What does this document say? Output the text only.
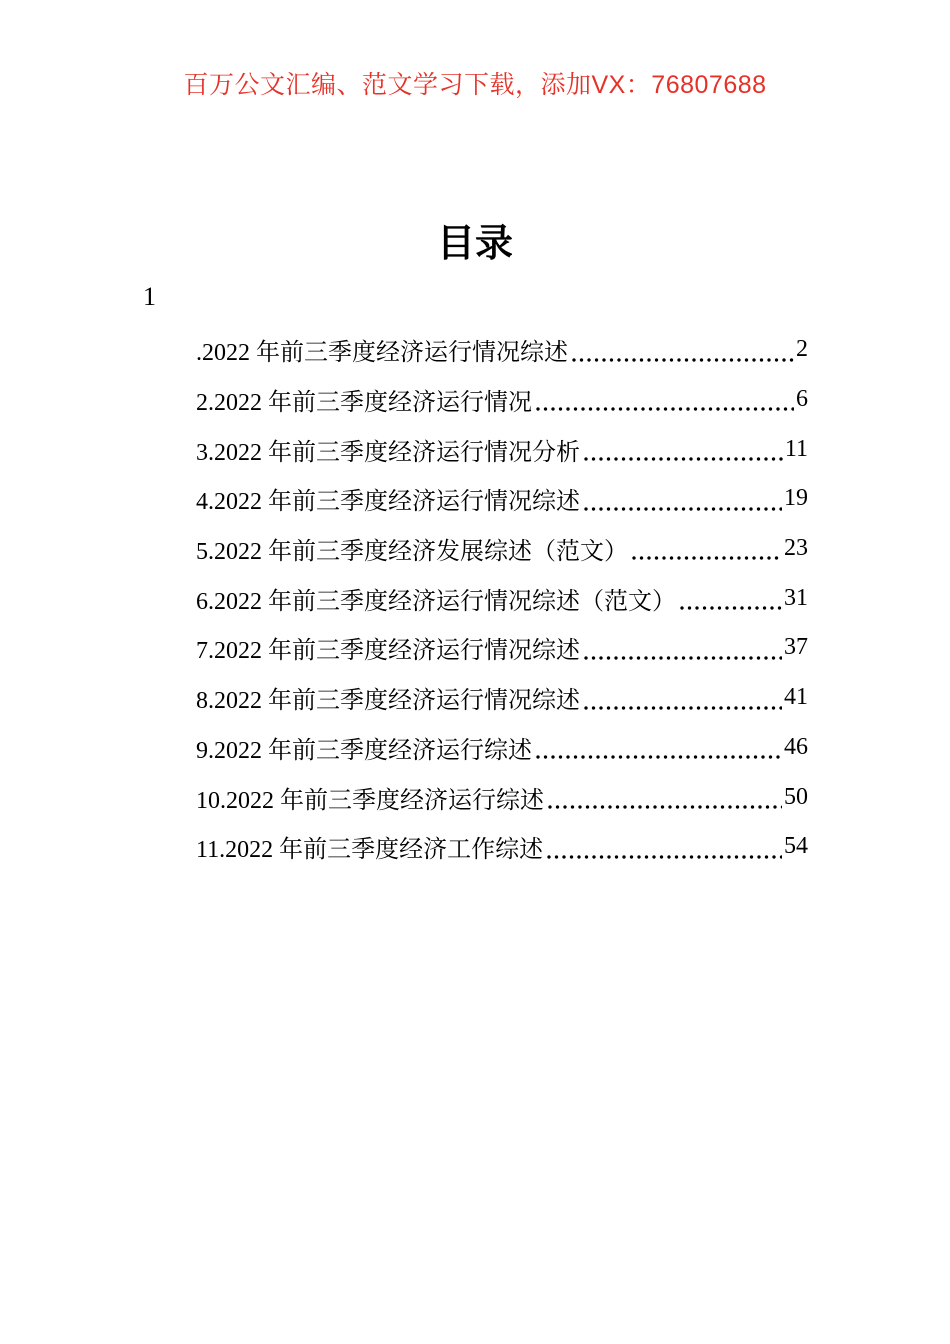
百万公文汇编、范文学习下载，添加VX：76807688
目录
1
.2022 年前三季度经济运行情况综述	2
2.2022 年前三季度经济运行情况	6
3.2022 年前三季度经济运行情况分析	11
4.2022 年前三季度经济运行情况综述	19
5.2022 年前三季度经济发展综述（范文）	23
6.2022 年前三季度经济运行情况综述（范文）	31
7.2022 年前三季度经济运行情况综述	37
8.2022 年前三季度经济运行情况综述	41
9.2022 年前三季度经济运行综述	46
10.2022 年前三季度经济运行综述	50
11.2022 年前三季度经济工作综述	54
